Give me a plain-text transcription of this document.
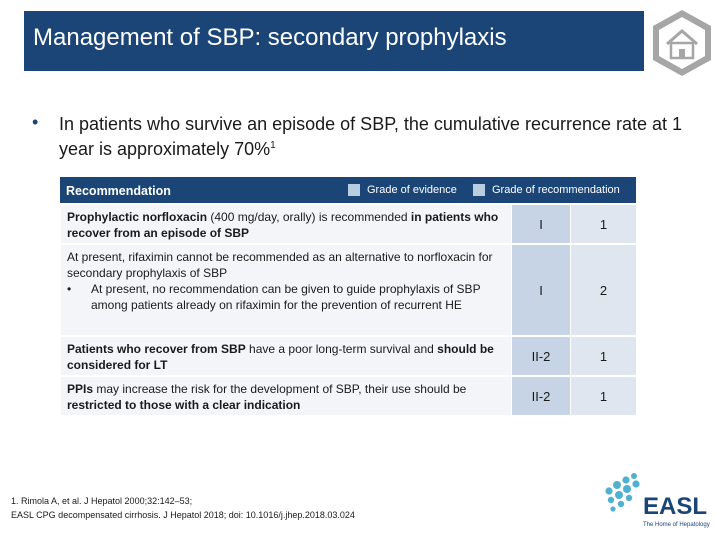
Management of SBP: secondary prophylaxis
• In patients who survive an episode of SBP, the cumulative recurrence rate at 1 year is approximately 70%$^1$
Recommendation	Grade of evidence	Grade of recommendation
Prophylactic norfloxacin (400 mg/day, orally) is recommended in patients who recover from an episode of SBP
I	1
At present, rifaximin cannot be recommended as an alternative to norfloxacin for secondary prophylaxis of SBP
•	At present, no recommendation can be given to guide prophylaxis of SBP among patients already on rifaximin for the prevention of recurrent HE
I	2
Patients who recover from SBP have a poor long-term survival and should be considered for LT
II-2	1
PPIs may increase the risk for the development of SBP, their use should be restricted to those with a clear indication
II-2	1
1. Rimola A, et al. J Hepatol 2000;32:142–53;
EASL CPG decompensated cirrhosis. J Hepatol 2018; doi: 10.1016/j.jhep.2018.03.024	EASL
The Home of Hepatology
